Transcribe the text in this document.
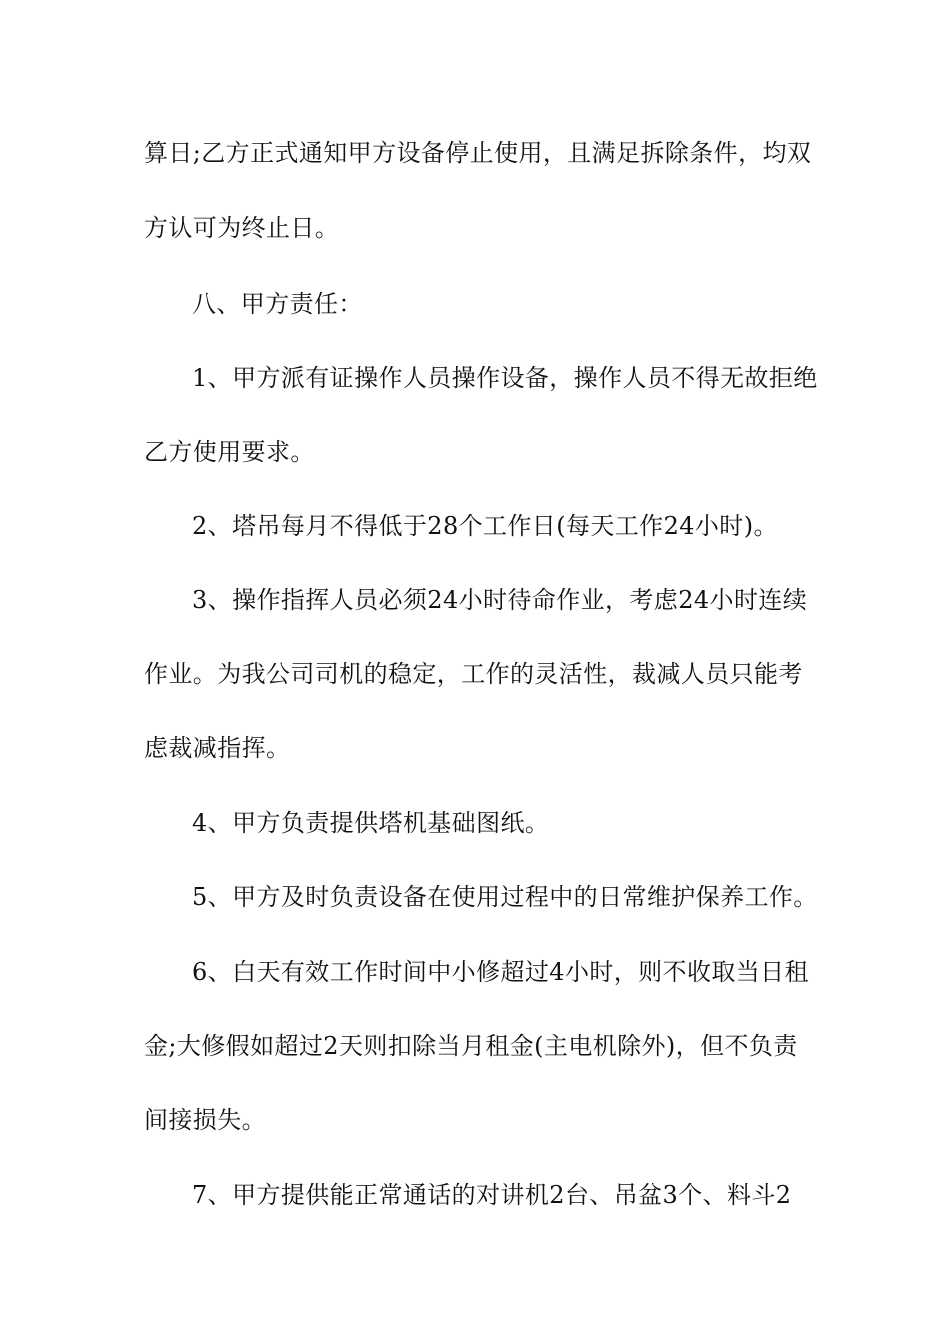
算日;乙方正式通知甲方设备停止使用，且满足拆除条件，均双
方认可为终止日。
八、甲方责任：
1、甲方派有证操作人员操作设备，操作人员不得无故拒绝
乙方使用要求。
2、塔吊每月不得低于28个工作日(每天工作24小时)。
3、操作指挥人员必须24小时待命作业，考虑24小时连续
作业。为我公司司机的稳定，工作的灵活性，裁减人员只能考
虑裁减指挥。
4、甲方负责提供塔机基础图纸。
5、甲方及时负责设备在使用过程中的日常维护保养工作。
6、白天有效工作时间中小修超过4小时，则不收取当日租
金;大修假如超过2天则扣除当月租金(主电机除外)，但不负责
间接损失。
7、甲方提供能正常通话的对讲机2台、吊盆3个、料斗2
